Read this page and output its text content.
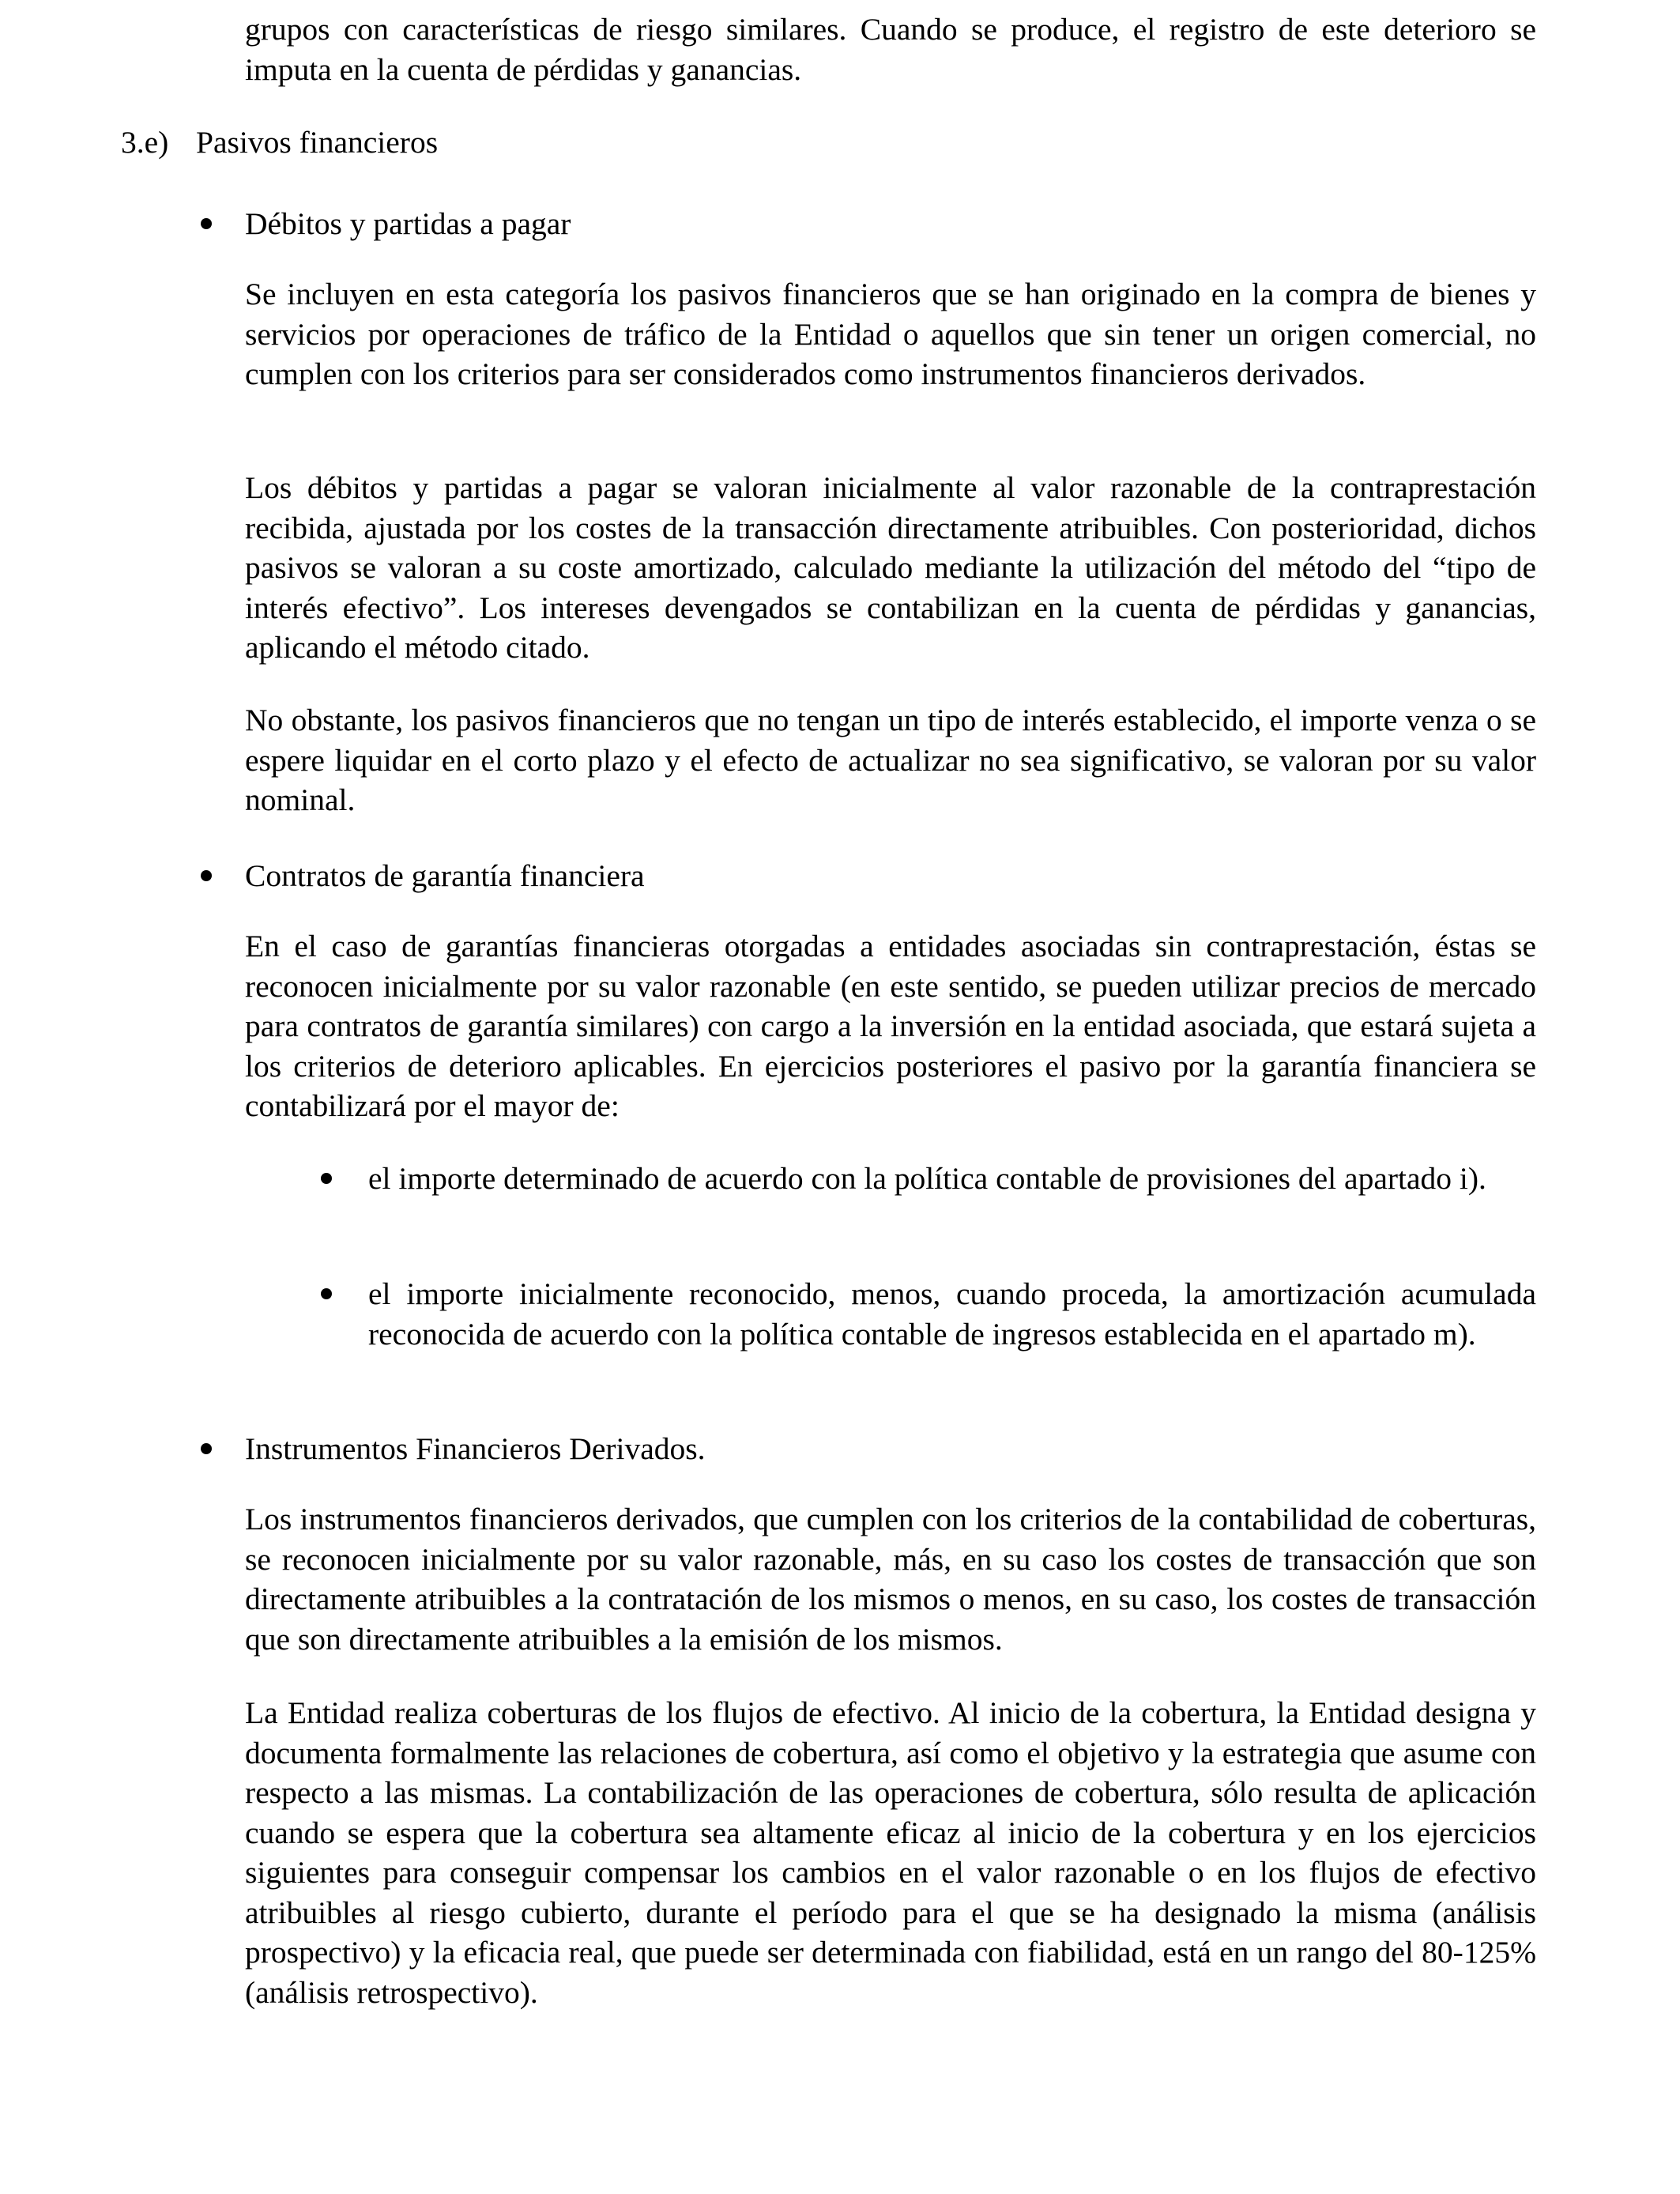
grupos con características de riesgo similares. Cuando se produce, el registro de este deterioro se imputa en la cuenta de pérdidas y ganancias.

3.e) Pasivos financieros

Débitos y partidas a pagar

Se incluyen en esta categoría los pasivos financieros que se han originado en la compra de bienes y servicios por operaciones de tráfico de la Entidad o aquellos que sin tener un origen comercial, no cumplen con los criterios para ser considerados como instrumentos financieros derivados.

Los débitos y partidas a pagar se valoran inicialmente al valor razonable de la contraprestación recibida, ajustada por los costes de la transacción directamente atribuibles. Con posterioridad, dichos pasivos se valoran a su coste amortizado, calculado mediante la utilización del método del “tipo de interés efectivo”. Los intereses devengados se contabilizan en la cuenta de pérdidas y ganancias, aplicando el método citado.

No obstante, los pasivos financieros que no tengan un tipo de interés establecido, el importe venza o se espere liquidar en el corto plazo y el efecto de actualizar no sea significativo, se valoran por su valor nominal.

Contratos de garantía financiera

En el caso de garantías financieras otorgadas a entidades asociadas sin contraprestación, éstas se reconocen inicialmente por su valor razonable (en este sentido, se pueden utilizar precios de mercado para contratos de garantía similares) con cargo a la inversión en la entidad asociada, que estará sujeta a los criterios de deterioro aplicables. En ejercicios posteriores el pasivo por la garantía financiera se contabilizará por el mayor de:

el importe determinado de acuerdo con la política contable de provisiones del apartado i).

el importe inicialmente reconocido, menos, cuando proceda, la amortización acumulada reconocida de acuerdo con la política contable de ingresos establecida en el apartado m).

Instrumentos Financieros Derivados.

Los instrumentos financieros derivados, que cumplen con los criterios de la contabilidad de coberturas, se reconocen inicialmente por su valor razonable, más, en su caso los costes de transacción que son directamente atribuibles a la contratación de los mismos o menos, en su caso, los costes de transacción que son directamente atribuibles a la emisión de los mismos.

La Entidad realiza coberturas de los flujos de efectivo. Al inicio de la cobertura, la Entidad designa y documenta formalmente las relaciones de cobertura, así como el objetivo y la estrategia que asume con respecto a las mismas. La contabilización de las operaciones de cobertura, sólo resulta de aplicación cuando se espera que la cobertura sea altamente eficaz al inicio de la cobertura y en los ejercicios siguientes para conseguir compensar los cambios en el valor razonable o en los flujos de efectivo atribuibles al riesgo cubierto, durante el período para el que se ha designado la misma (análisis prospectivo) y la eficacia real, que puede ser determinada con fiabilidad, está en un rango del 80-125% (análisis retrospectivo).
